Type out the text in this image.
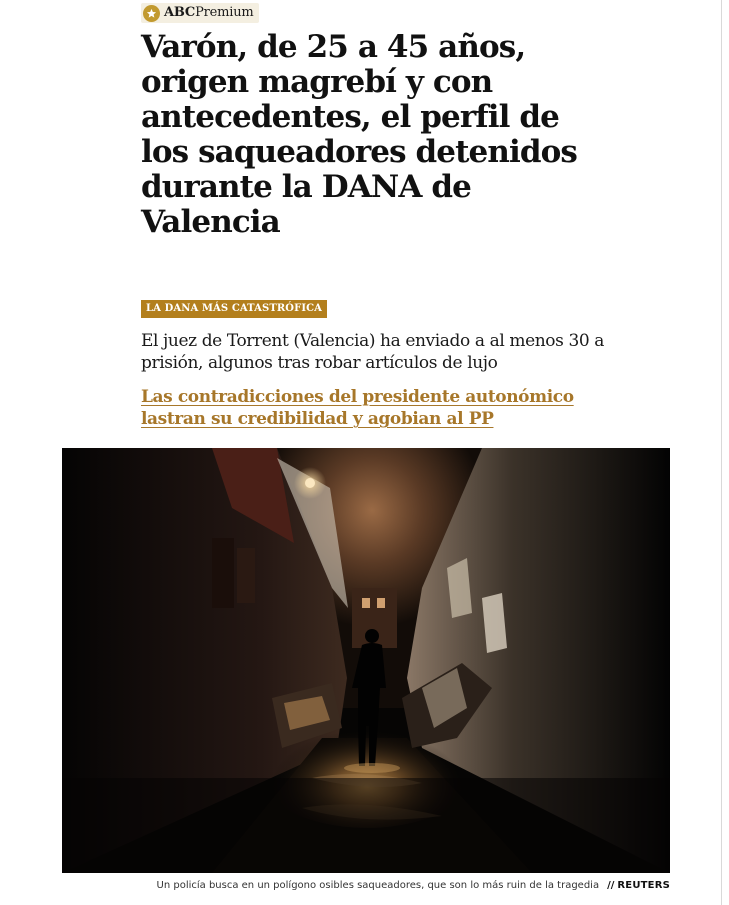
ABCPremium
Varón, de 25 a 45 años, origen magrebí y con antecedentes, el perfil de los saqueadores detenidos durante la DANA de Valencia
LA DANA MÁS CATASTRÓFICA

El juez de Torrent (Valencia) ha enviado a al menos 30 a prisión, algunos tras robar artículos de lujo

Las contradicciones del presidente autonómico lastran su credibilidad y agobian al PP

Un policía busca en un polígono osibles saqueadores, que son lo más ruin de la tragedia // REUTERS
